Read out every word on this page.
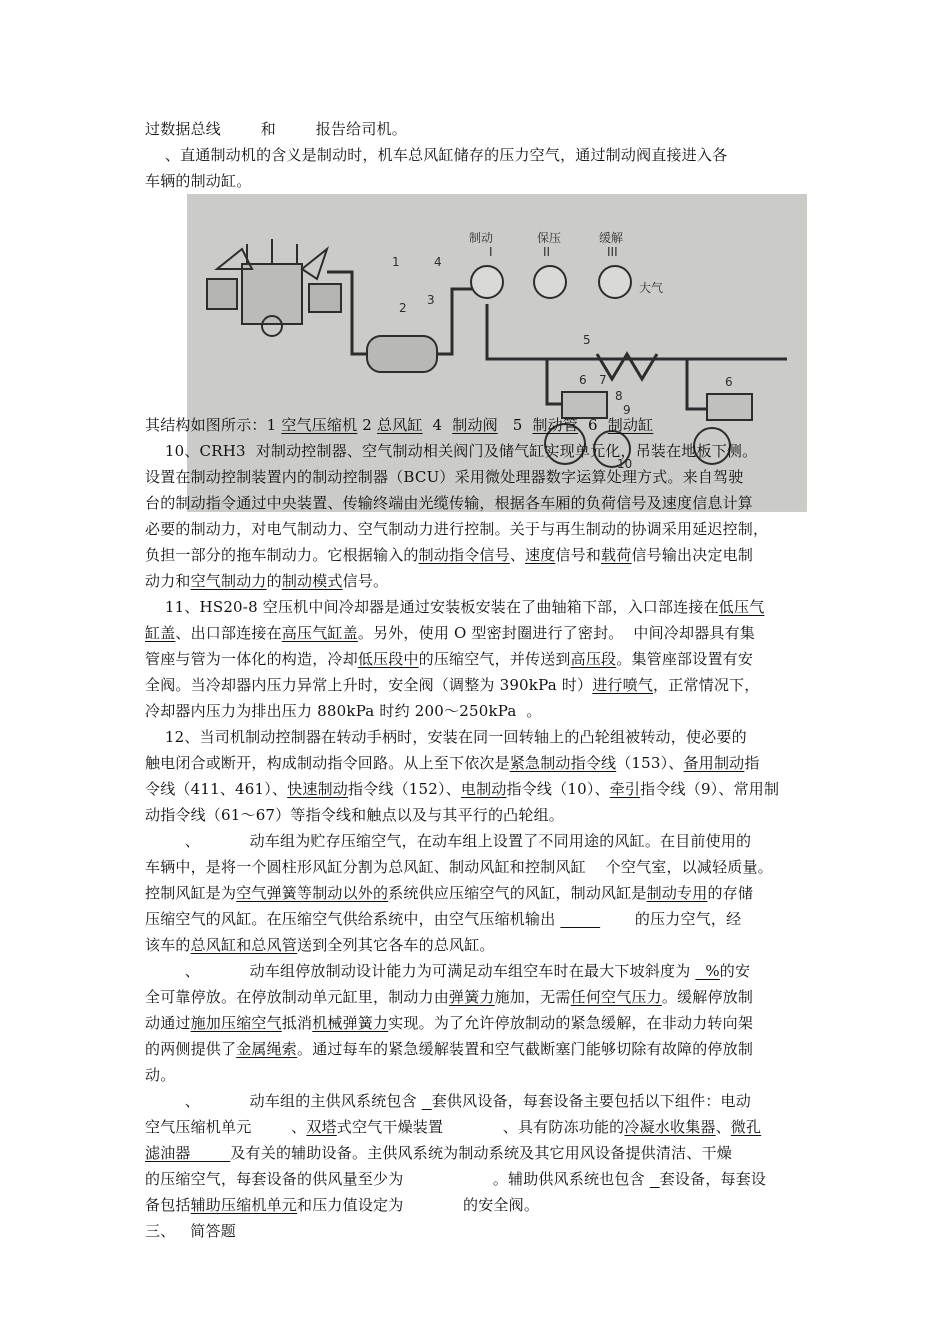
制动	保压	缓解
II	III
I
大气
1
2
3
4
5
6	6
7
8
9
10
过数据总线        和        报告给司机。
、直通制动机的含义是制动时，机车总风缸储存的压力空气，通过制动阀直接进入各
车辆的制动缸。
其结构如图所示：1 空气压缩机 2 总风缸  4  制动阀   5  制动管  6  制动缸
10、CRH3  对制动控制器、空气制动相关阀门及储气缸实现单元化，吊装在地板下侧。
设置在制动控制装置内的制动控制器（BCU）采用微处理器数字运算处理方式。来自驾驶
台的制动指令通过中央装置、传输终端由光缆传输，根据各车厢的负荷信号及速度信息计算
必要的制动力，对电气制动力、空气制动力进行控制。关于与再生制动的协调采用延迟控制，
负担一部分的拖车制动力。它根据输入的制动指令信号、速度信号和载荷信号输出决定电制
动力和空气制动力的制动模式信号。
11、HS20-8 空压机中间冷却器是通过安装板安装在了曲轴箱下部，入口部连接在低压气
缸盖、出口部连接在高压气缸盖。另外，使用 O 型密封圈进行了密封。  中间冷却器具有集
管座与管为一体化的构造，冷却低压段中的压缩空气，并传送到高压段。集管座部设置有安
全阀。当冷却器内压力异常上升时，安全阀（调整为 390kPa 时）进行喷气，正常情况下，
冷却器内压力为排出压力 880kPa 时约 200～250kPa  。
12、当司机制动控制器在转动手柄时，安装在同一回转轴上的凸轮组被转动，使必要的
触电闭合或断开，构成制动指令回路。从上至下依次是紧急制动指令线（153）、备用制动指
令线（411、461）、快速制动指令线（152）、电制动指令线（10）、牵引指令线（9）、常用制
动指令线（61～67）等指令线和触点以及与其平行的凸轮组。
、          动车组为贮存压缩空气，在动车组上设置了不同用途的风缸。在目前使用的
车辆中，是将一个圆柱形风缸分割为总风缸、制动风缸和控制风缸    个空气室，以减轻质量。
控制风缸是为空气弹簧等制动以外的系统供应压缩空气的风缸，制动风缸是制动专用的存储
压缩空气的风缸。在压缩空气供给系统中，由空气压缩机输出	的压力空气，经
该车的总风缸和总风管送到全列其它各车的总风缸。
、          动车组停放制动设计能力为可满足动车组空车时在最大下坡斜度为   %的安
全可靠停放。在停放制动单元缸里，制动力由弹簧力施加，无需任何空气压力。缓解停放制
动通过施加压缩空气抵消机械弹簧力实现。为了允许停放制动的紧急缓解，在非动力转向架
的两侧提供了金属绳索。通过每车的紧急缓解装置和空气截断塞门能够切除有故障的停放制
动。
、          动车组的主供风系统包含   套供风设备，每套设备主要包括以下组件：电动
空气压缩机单元        、双塔式空气干燥装置            、具有防冻功能的冷凝水收集器、微孔
滤油器	及有关的辅助设备。主供风系统为制动系统及其它用风设备提供清洁、干燥
的压缩空气，每套设备的供风量至少为                  。辅助供风系统也包含   套设备，每套设
备包括辅助压缩机单元和压力值设定为            的安全阀。
三、   简答题
